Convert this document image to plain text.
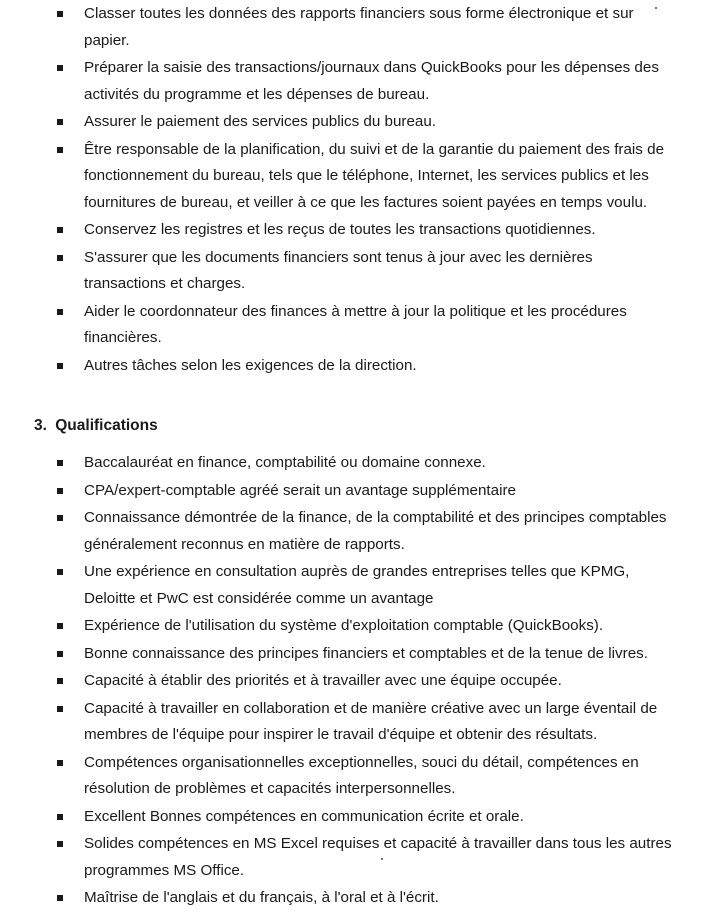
Classer toutes les données des rapports financiers sous forme électronique et sur papier.
Préparer la saisie des transactions/journaux dans QuickBooks pour les dépenses des activités du programme et les dépenses de bureau.
Assurer le paiement des services publics du bureau.
Être responsable de la planification, du suivi et de la garantie du paiement des frais de fonctionnement du bureau, tels que le téléphone, Internet, les services publics et les fournitures de bureau, et veiller à ce que les factures soient payées en temps voulu.
Conservez les registres et les reçus de toutes les transactions quotidiennes.
S'assurer que les documents financiers sont tenus à jour avec les dernières transactions et charges.
Aider le coordonnateur des finances à mettre à jour la politique et les procédures financières.
Autres tâches selon les exigences de la direction.
3. Qualifications
Baccalauréat en finance, comptabilité ou domaine connexe.
CPA/expert-comptable agréé serait un avantage supplémentaire
Connaissance démontrée de la finance, de la comptabilité et des principes comptables généralement reconnus en matière de rapports.
Une expérience en consultation auprès de grandes entreprises telles que KPMG, Deloitte et PwC est considérée comme un avantage
Expérience de l'utilisation du système d'exploitation comptable (QuickBooks).
Bonne connaissance des principes financiers et comptables et de la tenue de livres.
Capacité à établir des priorités et à travailler avec une équipe occupée.
Capacité à travailler en collaboration et de manière créative avec un large éventail de membres de l'équipe pour inspirer le travail d'équipe et obtenir des résultats.
Compétences organisationnelles exceptionnelles, souci du détail, compétences en résolution de problèmes et capacités interpersonnelles.
Excellent Bonnes compétences en communication écrite et orale.
Solides compétences en MS Excel requises et capacité à travailler dans tous les autres programmes MS Office.
Maîtrise de l'anglais et du français, à l'oral et à l'écrit.
